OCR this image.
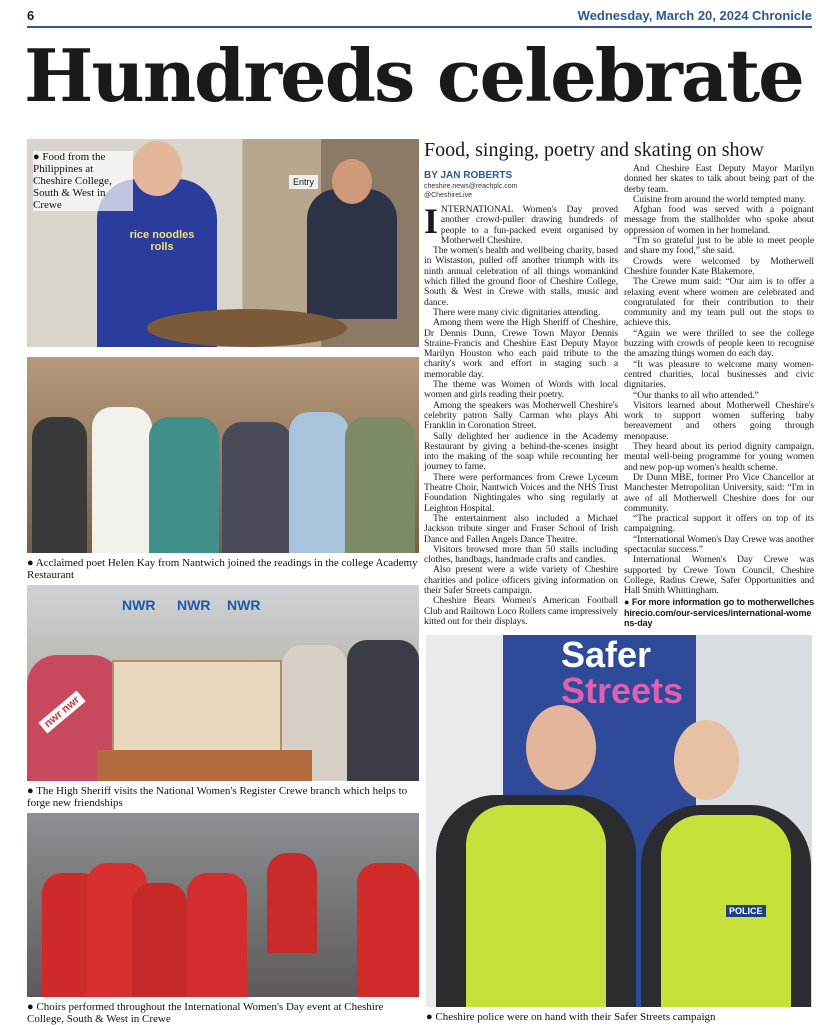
6	Wednesday, March 20, 2024 Chronicle
Hundreds celebrate
rice noodles rolls
Entry
● Food from the Philippines at Cheshire College, South & West in Crewe
● Acclaimed poet Helen Kay from Nantwich joined the readings in the college Academy Restaurant
NWR NWR NWR
nwr nwr
● The High Sheriff visits the National Women's Register Crewe branch which helps to forge new friendships
● Choirs performed throughout the International Women's Day event at Cheshire College, South & West in Crewe
Food, singing, poetry and skating on show
BY JAN ROBERTS
cheshire.news@reachplc.com
@CheshireLive

INTERNATIONAL Women's Day proved another crowd-puller drawing hundreds of people to a fun-packed event organised by Motherwell Cheshire.

The women's health and wellbeing charity, based in Wistaston, pulled off another triumph with its ninth annual celebration of all things womankind which filled the ground floor of Cheshire College, South & West in Crewe with stalls, music and dance.

There were many civic dignitaries attending.

Among them were the High Sheriff of Cheshire, Dr Dennis Dunn, Crewe Town Mayor Dennis Straine-Francis and Cheshire East Deputy Mayor Marilyn Houston who each paid tribute to the charity's work and effort in staging such a memorable day.

The theme was Women of Words with local women and girls reading their poetry.

Among the speakers was Motherwell Cheshire's celebrity patron Sally Carman who plays Abi Franklin in Coronation Street.

Sally delighted her audience in the Academy Restaurant by giving a behind-the-scenes insight into the making of the soap while recounting her journey to fame.

There were performances from Crewe Lyceum Theatre Choir, Nantwich Voices and the NHS Trust Foundation Nightingales who sing regularly at Leighton Hospital.

The entertainment also included a Michael Jackson tribute singer and Fraser School of Irish Dance and Fallen Angels Dance Theatre.

Visitors browsed more than 50 stalls including clothes, handbags, handmade crafts and candles.

Also present were a wide variety of Cheshire charities and police officers giving information on their Safer Streets campaign.

Cheshire Bears Women's American Football Club and Railtown Loco Rollers came impressively kitted out for their displays.

And Cheshire East Deputy Mayor Marilyn donned her skates to talk about being part of the derby team.

Cuisine from around the world tempted many.

Afghan food was served with a poignant message from the stallholder who spoke about oppression of women in her homeland.

“I'm so grateful just to be able to meet people and share my food,” she said.

Crowds were welcomed by Motherwell Cheshire founder Kate Blakemore.

The Crewe mum said: “Our aim is to offer a relaxing event where women are celebrated and congratulated for their contribution to their community and my team pull out the stops to achieve this.

“Again we were thrilled to see the college buzzing with crowds of people keen to recognise the amazing things women do each day.

“It was pleasure to welcome many women-centred charities, local businesses and civic dignitaries.

“Our thanks to all who attended.”

Visitors learned about Motherwell Cheshire's work to support women suffering baby bereavement and others going through menopause.

They heard about its period dignity campaign, mental well-being programme for young women and new pop-up women's health scheme.

Dr Dunn MBE, former Pro Vice Chancellor at Manchester Metropolitan University, said: “I'm in awe of all Motherwell Cheshire does for our community.

“The practical support it offers on top of its campaigning.

“International Women's Day Crewe was another spectacular success.”

International Women's Day Crewe was supported by Crewe Town Council, Cheshire College, Radius Crewe, Safer Opportunities and Hall Smith Whittingham.

● For more information go to motherwellcheshirecio.com/our-services/international-womens-day
Safer
Streets
POLICE
● Cheshire police were on hand with their Safer Streets campaign
